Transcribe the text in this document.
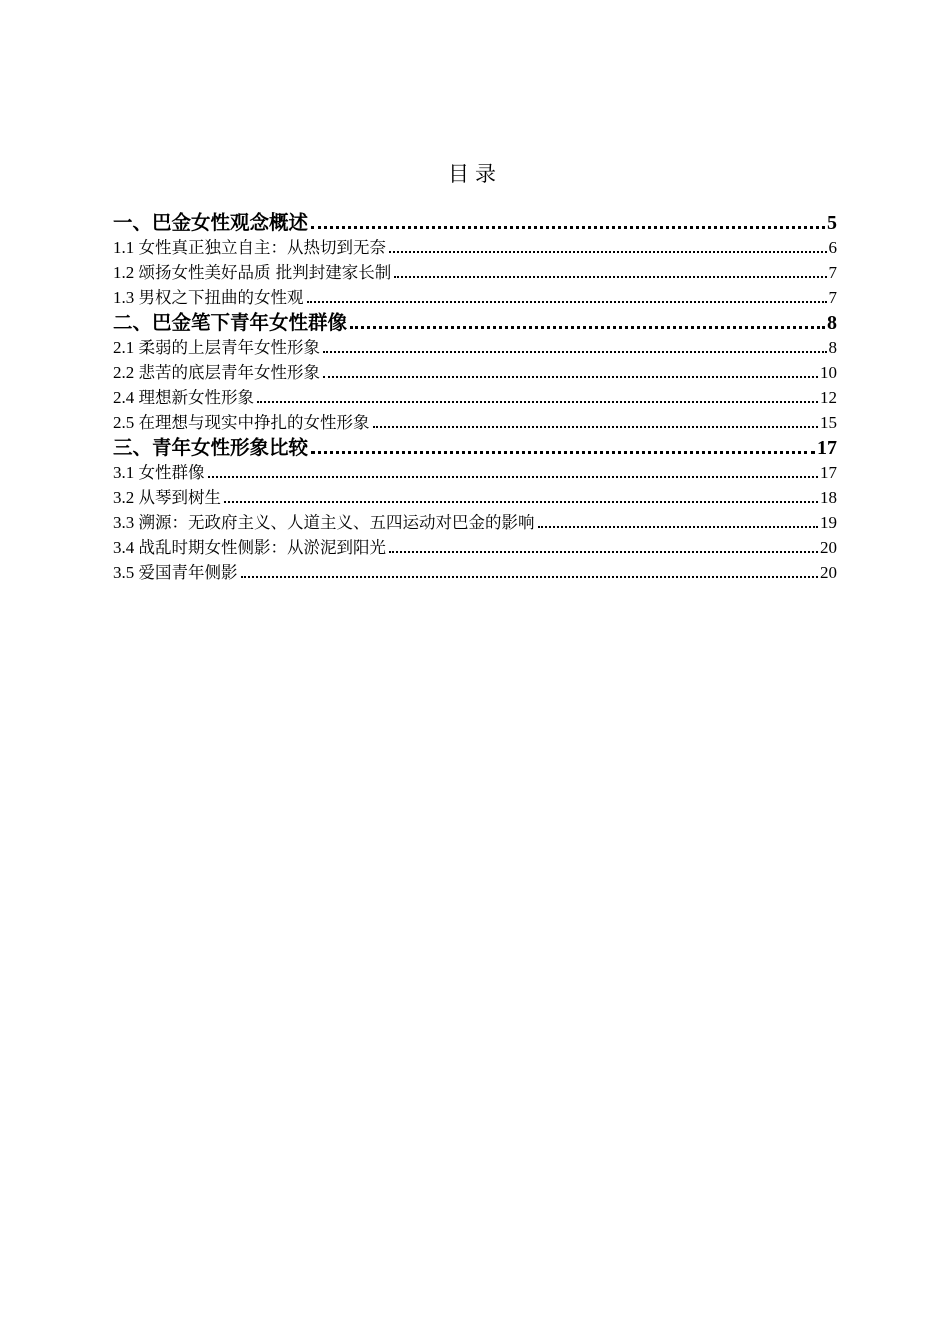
目录
一、巴金女性观念概述	5
1.1 女性真正独立自主：从热切到无奈	6
1.2 颂扬女性美好品质 批判封建家长制	7
1.3 男权之下扭曲的女性观	7
二、巴金笔下青年女性群像	8
2.1 柔弱的上层青年女性形象	8
2.2 悲苦的底层青年女性形象	10
2.4 理想新女性形象	12
2.5 在理想与现实中挣扎的女性形象	15
三、青年女性形象比较	17
3.1 女性群像	17
3.2 从琴到树生	18
3.3 溯源：无政府主义、人道主义、五四运动对巴金的影响	19
3.4 战乱时期女性侧影：从淤泥到阳光	20
3.5 爱国青年侧影	20
